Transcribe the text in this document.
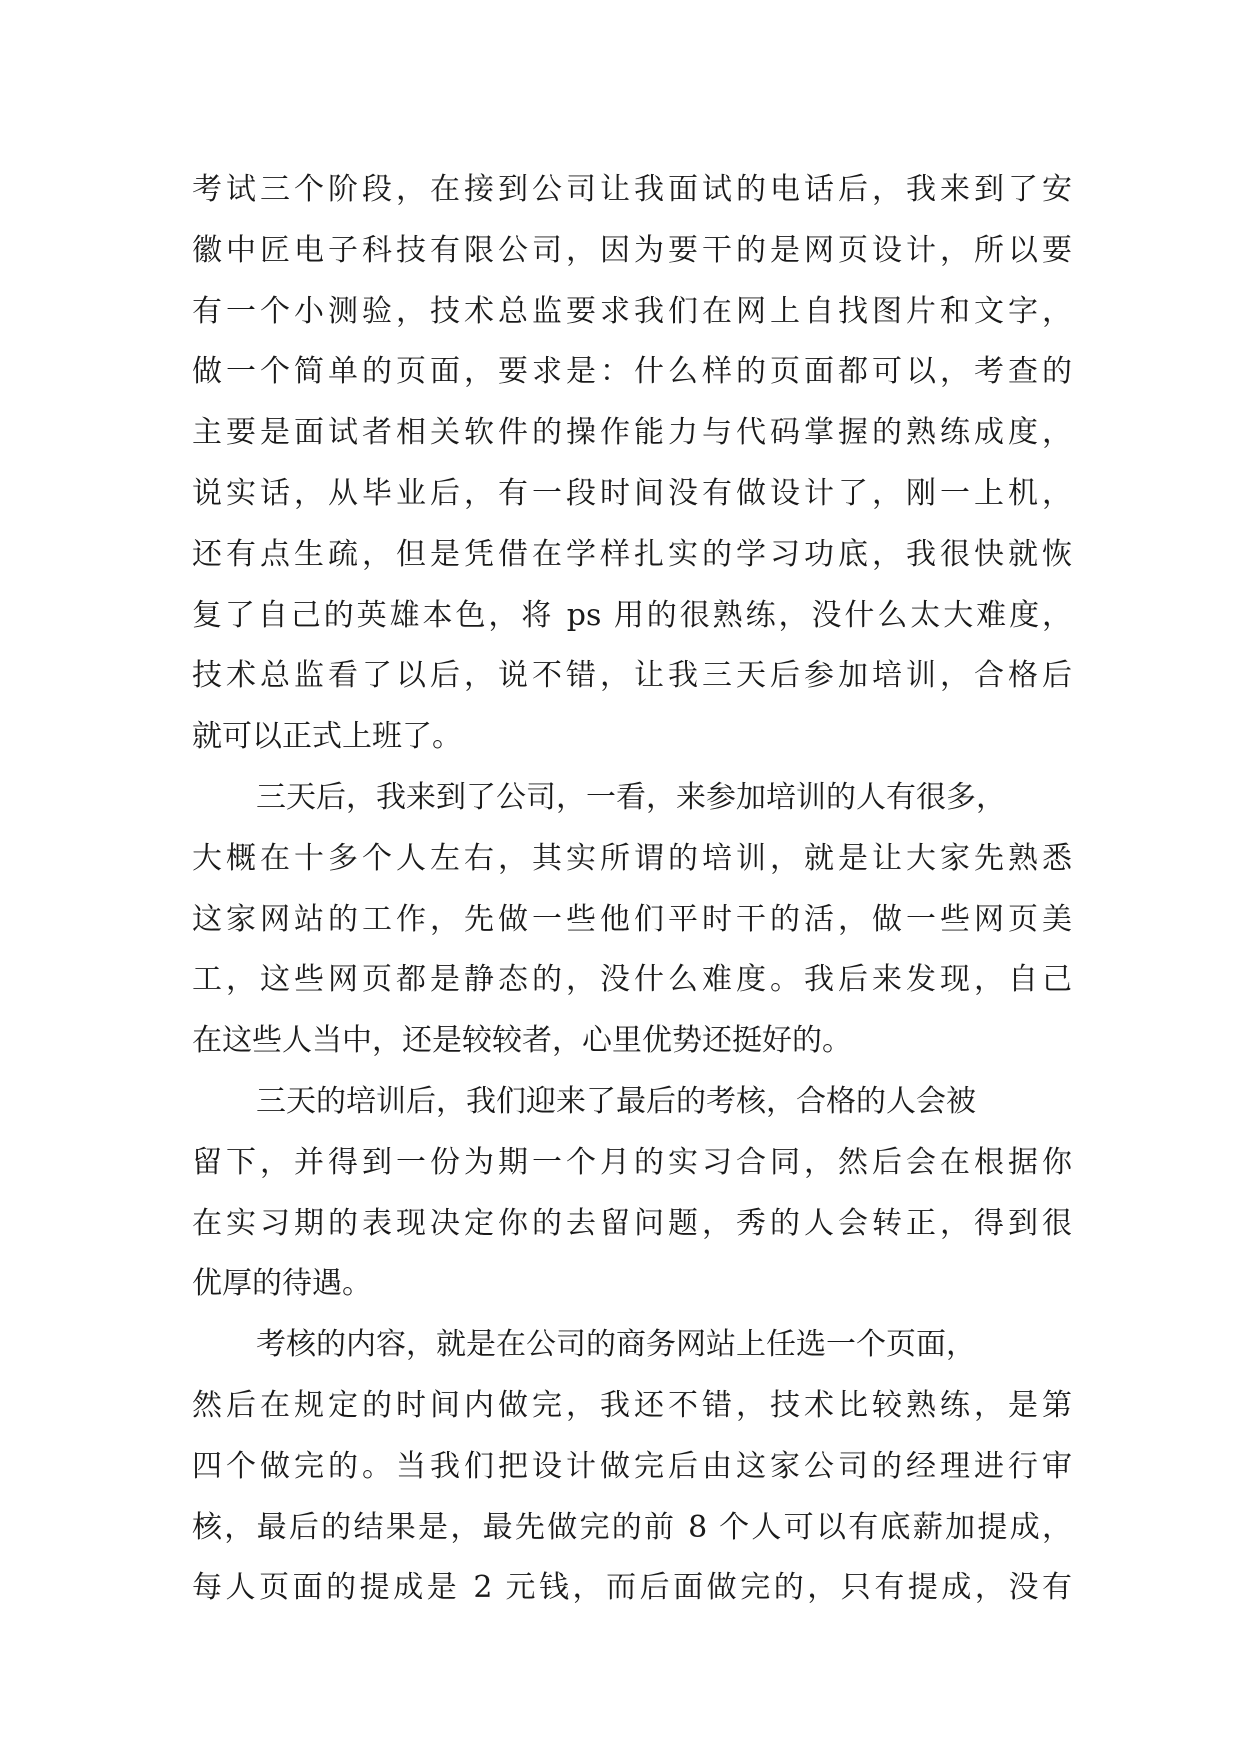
考试三个阶段，在接到公司让我面试的电话后，我来到了安
徽中匠电子科技有限公司，因为要干的是网页设计，所以要
有一个小测验，技术总监要求我们在网上自找图片和文字，
做一个简单的页面，要求是：什么样的页面都可以，考查的
主要是面试者相关软件的操作能力与代码掌握的熟练成度，
说实话，从毕业后，有一段时间没有做设计了，刚一上机，
还有点生疏，但是凭借在学样扎实的学习功底，我很快就恢
复了自己的英雄本色，将 ps 用的很熟练，没什么太大难度，
技术总监看了以后，说不错，让我三天后参加培训，合格后
就可以正式上班了。
三天后，我来到了公司，一看，来参加培训的人有很多，
大概在十多个人左右，其实所谓的培训，就是让大家先熟悉
这家网站的工作，先做一些他们平时干的活，做一些网页美
工，这些网页都是静态的，没什么难度。我后来发现，自己
在这些人当中，还是较较者，心里优势还挺好的。
三天的培训后，我们迎来了最后的考核，合格的人会被
留下，并得到一份为期一个月的实习合同，然后会在根据你
在实习期的表现决定你的去留问题，秀的人会转正，得到很
优厚的待遇。
考核的内容，就是在公司的商务网站上任选一个页面，
然后在规定的时间内做完，我还不错，技术比较熟练，是第
四个做完的。当我们把设计做完后由这家公司的经理进行审
核，最后的结果是，最先做完的前 8 个人可以有底薪加提成，
每人页面的提成是 2 元钱，而后面做完的，只有提成，没有
